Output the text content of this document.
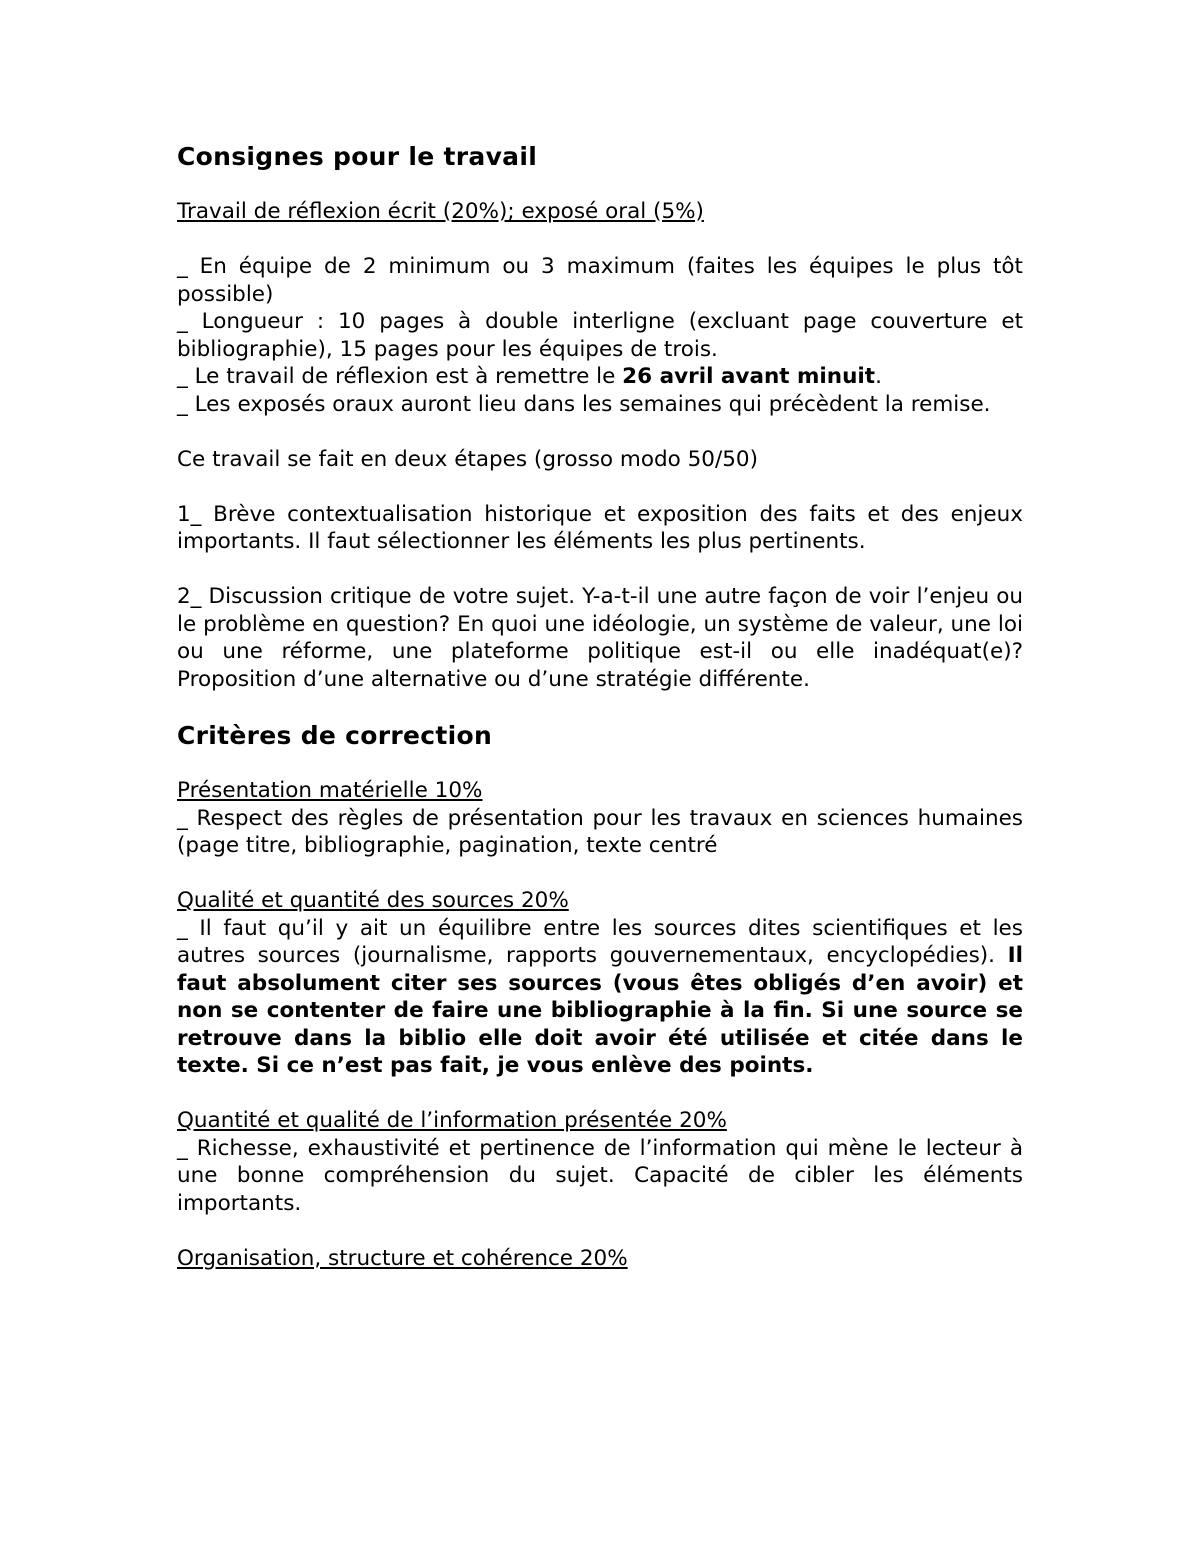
Consignes pour le travail

Travail de réflexion écrit (20%); exposé oral (5%)

_ En équipe de 2 minimum ou 3 maximum (faites les équipes le plus tôt possible)

_ Longueur : 10 pages à double interligne (excluant page couverture et bibliographie), 15 pages pour les équipes de trois.

_ Le travail de réflexion est à remettre le 26 avril avant minuit.

_ Les exposés oraux auront lieu dans les semaines qui précèdent la remise.

Ce travail se fait en deux étapes (grosso modo 50/50)

1_ Brève contextualisation historique et exposition des faits et des enjeux importants. Il faut sélectionner les éléments les plus pertinents.

2_ Discussion critique de votre sujet. Y-a-t-il une autre façon de voir l’enjeu ou le problème en question? En quoi une idéologie, un système de valeur, une loi ou une réforme, une plateforme politique est-il ou elle inadéquat(e)? Proposition d’une alternative ou d’une stratégie différente.

Critères de correction

Présentation matérielle 10%

_ Respect des règles de présentation pour les travaux en sciences humaines (page titre, bibliographie, pagination, texte centré

Qualité et quantité des sources 20%

_ Il faut qu’il y ait un équilibre entre les sources dites scientifiques et les autres sources (journalisme, rapports gouvernementaux, encyclopédies). Il faut absolument citer ses sources (vous êtes obligés d’en avoir) et non se contenter de faire une bibliographie à la fin. Si une source se retrouve dans la biblio elle doit avoir été utilisée et citée dans le texte. Si ce n’est pas fait, je vous enlève des points.

Quantité et qualité de l’information présentée 20%

_ Richesse, exhaustivité et pertinence de l’information qui mène le lecteur à une bonne compréhension du sujet. Capacité de cibler les éléments importants.

Organisation, structure et cohérence 20%
